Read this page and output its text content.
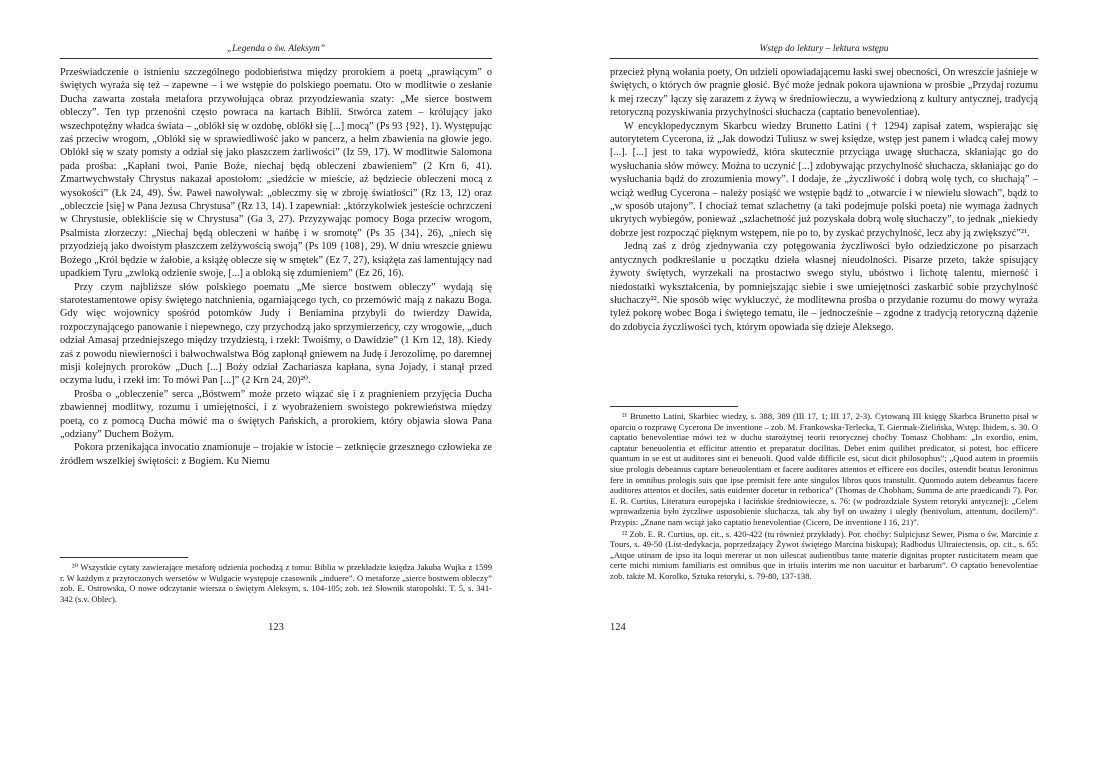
„Legenda o św. Aleksym”

Przeświadczenie o istnieniu szczególnego podobieństwa między prorokiem a poetą „prawiącym” o świętych wyraża się też – zapewne – i we wstępie do polskiego poematu. Oto w modlitwie o zesłanie Ducha zawarta została metafora przywołująca obraz przyodziewania szaty: „Me sierce bostwem obleczy”. Ten typ przenośni często powraca na kartach Biblii. Stwórca zatem – królujący jako wszechpotężny władca świata – „oblókł się w ozdobę, oblókł się [...] mocą” (Ps 93 {92}, 1). Występując zaś przeciw wrogom, „Oblókł się w sprawiedliwość jako w pancerz, a hełm zbawienia na głowie jego. Oblókł się w szaty pomsty a odział się jako płaszczem żarliwości” (Iz 59, 17). W modlitwie Salomona pada prośba: „Kapłani twoi, Panie Boże, niechaj będą obleczeni zbawieniem” (2 Krn 6, 41). Zmartwychwstały Chrystus nakazał apostołom: „siedźcie w mieście, aż będziecie obleczeni mocą z wysokości” (Łk 24, 49). Św. Paweł nawoływał: „obleczmy się w zbroję światłości” (Rz 13, 12) oraz „obleczcie [się] w Pana Jezusa Chrystusa” (Rz 13, 14). I zapewniał: „którzykolwiek jesteście ochrzczeni w Chrystusie, oblekliście się w Chrystusa” (Ga 3, 27). Przyzywając pomocy Boga przeciw wrogom, Psalmista złorzeczy: „Niechaj będą obleczeni w hańbę i w sromotę” (Ps 35 {34}, 26), „niech się przyodzieją jako dwoistym płaszczem zelżywością swoją” (Ps 109 {108}, 29). W dniu wreszcie gniewu Bożego „Król będzie w żałobie, a książę oblecze się w smętek” (Ez 7, 27), książęta zaś lamentujący nad upadkiem Tyru „zwloką odzienie swoje, [...] a obloką się zdumieniem” (Ez 26, 16).

Przy czym najbliższe słów polskiego poematu „Me sierce bostwem obleczy” wydają się starotestamentowe opisy świętego natchnienia, ogarniającego tych, co przemówić mają z nakazu Boga. Gdy więc wojownicy spośród potomków Judy i Beniamina przybyli do twierdzy Dawida, rozpoczynającego panowanie i niepewnego, czy przychodzą jako sprzymierzeńcy, czy wrogowie, „duch odział Amasaj przedniejszego między trzydziestą, i rzekł: Twoiśmy, o Dawidzie” (1 Krn 12, 18). Kiedy zaś z powodu niewierności i bałwochwalstwa Bóg zapłonął gniewem na Judę i Jerozolimę, po daremnej misji kolejnych proroków „Duch [...] Boży odział Zachariasza kapłana, syna Jojady, i stanął przed oczyma ludu, i rzekł im: To mówi Pan [...]” (2 Krn 24, 20)²⁰.

Prośba o „obleczenie” serca „Bóstwem” może przeto wiązać się i z pragnieniem przyjęcia Ducha zbawiennej modlitwy, rozumu i umiejętności, i z wyobrażeniem swoistego pokrewieństwa między poetą, co z pomocą Ducha mówić ma o świętych Pańskich, a prorokiem, który objawia słowa Pana „odziany” Duchem Bożym.

Pokora przenikająca invocatio znamionuje – trojakie w istocie – zetknięcie grzesznego człowieka ze źródłem wszelkiej świętości: z Bogiem. Ku Niemu

²⁰ Wszystkie cytaty zawierające metaforę odzienia pochodzą z tomu: Biblia w przekładzie księdza Jakuba Wujka z 1599 r. W każdym z przytoczonych wersetów w Wulgacie występuje czasownik „induere”. O metaforze „sierce bostwem obleczy” zob. E. Ostrowska, O nowe odczytanie wiersza o świętym Aleksym, s. 104-105; zob. też Słownik staropolski. T. 5, s. 341-342 (s.v. Oblec).

123
Wstęp do lektury – lektura wstępu

przecież płyną wołania poety, On udzieli opowiadającemu łaski swej obecności, On wreszcie jaśnieje w świętych, o których ów pragnie głosić. Być może jednak pokora ujawniona w prośbie „Przydaj rozumu k mej rzeczy” łączy się zarazem z żywą w średniowieczu, a wywiedzioną z kultury antycznej, tradycją retoryczną pozyskiwania przychylności słuchacza (captatio benevolentiae).

W encyklopedycznym Skarbcu wiedzy Brunetto Latini († 1294) zapisał zatem, wspierając się autorytetem Cycerona, iż „Jak dowodzi Tuliusz w swej księdze, wstęp jest panem i władcą całej mowy [...]. [...] jest to taka wypowiedź, która skutecznie przyciąga uwagę słuchacza, skłaniając go do wysłuchania słów mówcy. Można to uczynić [...] zdobywając przychylność słuchacza, skłaniając go do wysłuchania bądź do zrozumienia mowy”. I dodaje, że „życzliwość i dobrą wolę tych, co słuchają” – wciąż według Cycerona – należy posiąść we wstępie bądź to „otwarcie i w niewielu słowach”, bądź to „w sposób utajony”. I chociaż temat szlachetny (a taki podejmuje polski poeta) nie wymaga żadnych ukrytych wybiegów, ponieważ „szlachetność już pozyskała dobrą wolę słuchaczy”, to jednak „niekiedy dobrze jest rozpocząć pięknym wstępem, nie po to, by zyskać przychylność, lecz aby ją zwiększyć”²¹.

Jedną zaś z dróg zjednywania czy potęgowania życzliwości było odziedziczone po pisarzach antycznych podkreślanie u początku dzieła własnej nieudolności. Pisarze przeto, także spisujący żywoty świętych, wyrzekali na prostactwo swego stylu, ubóstwo i lichotę talentu, mierność i niedostatki wykształcenia, by pomniejszając siebie i swe umiejętności zaskarbić sobie przychylność słuchaczy²². Nie sposób więc wykluczyć, że modlitewna prośba o przydanie rozumu do mowy wyraża tyleż pokorę wobec Boga i świętego tematu, ile – jednocześnie – zgodne z tradycją retoryczną dążenie do zdobycia życzliwości tych, którym opowiada się dzieje Aleksego.

²¹ Brunetto Latini, Skarbiec wiedzy, s. 388, 389 (III 17, 1; III 17, 2-3). Cytowaną III księgę Skarbca Brunetto pisał w oparciu o rozprawę Cycerona De inventione – zob. M. Frankowska-Terlecka, T. Giermak-Zielińska, Wstęp. Ibidem, s. 30. O captatio benevolentiae mówi też w duchu starożytnej teorii retorycznej choćby Tomasz Chobham: „In exordio, enim, captatur beneuolentia et efficitur attentio et preparatur docilitas. Debet enim quilibet predicator, si potest, hoc efficere quantum in se est ut auditores sint ei beneuoli. Quod valde difficile est, sicut dicit philosophus”; „Quod autem in proemiis siue prologis debeamus captare beneuolentiam et facere auditores attentos et efficere eos dociles, ostendit beatus Ieronimus fere in omnibus prologis suis que ipse premisit fere ante singulos libros quos transtulit. Quomodo autem debeamus facere auditores attentos et dociles, satis euidenter docetur in rethorica” (Thomas de Chobham, Summa de arte praedicandi 7). Por. E. R. Curtius, Literatura europejska i łacińskie średniowiecze, s. 76: (w podrozdziale System retoryki antycznej): „Celem wprowadzenia było życzliwe usposobienie słuchacza, tak aby był on uważny i uległy (benivolum, attentum, docilem)”. Przypis: „Znane nam wciąż jako captatio benevolentiae (Cicero, De inventione I 16, 21)”.

²² Zob. E. R. Curtius, op. cit., s. 420-422 (tu również przykłady). Por. choćby: Sulpicjusz Sewer, Pisma o św. Marcinie z Tours, s. 49-50 (List-dedykacja, poprzedzający Żywot świętego Marcina biskupa); Radbodus Ultraiectensis, op. cit., s. 65: „Atque utinam de ipso ita loqui mererar ut non uilescat audientibus tante materie dignitas propter rusticitatem meam que certe michi nimium familiaris est omnibus que in triuiis interim me non uacuitur et barbarum”. O captatio benevolentiae zob. także M. Korolko, Sztuka retoryki, s. 79-80, 137-138.

124
